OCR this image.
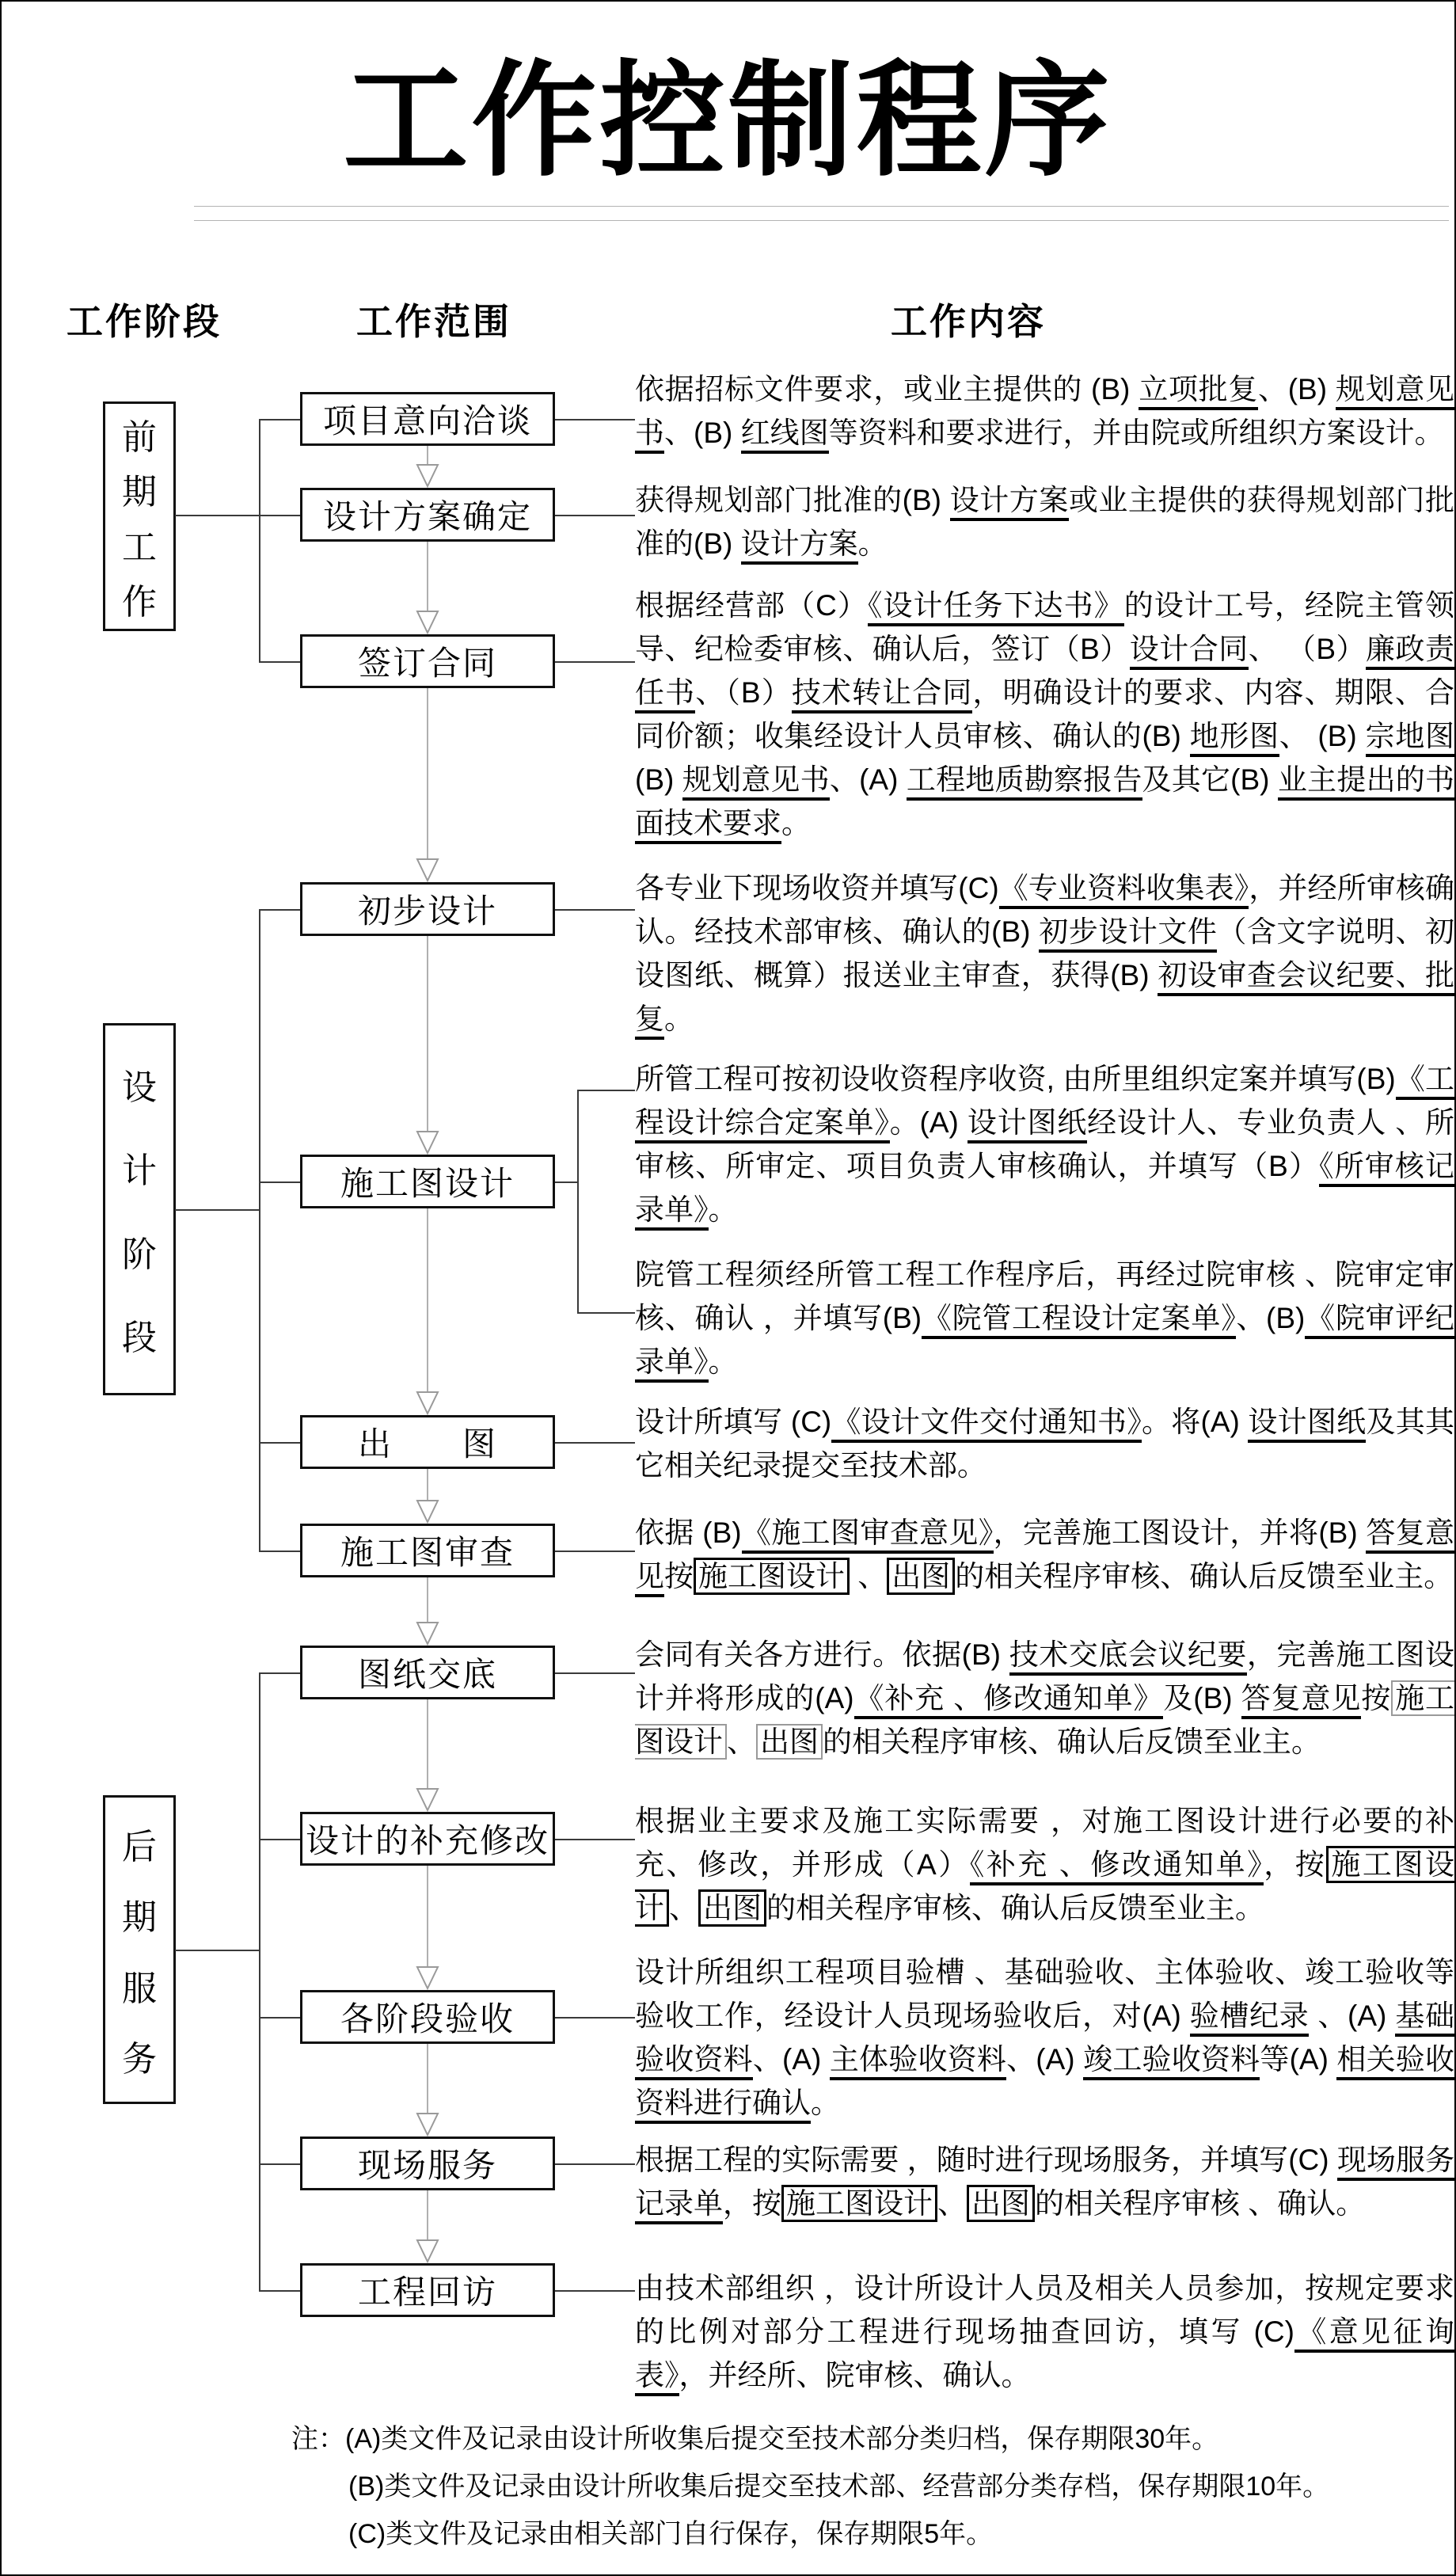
工作控制程序
工作阶段	工作范围	工作内容
前
期
工
作
设
计
阶
段
后
期
服
务
项目意向洽谈
设计方案确定
签订合同
初步设计
施工图设计
出　　图
施工图审查
图纸交底
设计的补充修改
各阶段验收
现场服务
工程回访
依据招标文件要求，或业主提供的 (B) 立项批复、(B) 规划意见书、(B) 红线图等资料和要求进行，并由院或所组织方案设计。
获得规划部门批准的(B) 设计方案或业主提供的获得规划部门批准的(B) 设计方案。
根据经营部（C）《设计任务下达书》的设计工号，经院主管领导、纪检委审核、确认后，签订（B）设计合同、 （B）廉政责任书、（B）技术转让合同，明确设计的要求、内容、期限、合同价额；收集经设计人员审核、确认的(B) 地形图、 (B) 宗地图 (B) 规划意见书、(A) 工程地质勘察报告及其它(B) 业主提出的书面技术要求。
各专业下现场收资并填写(C)《专业资料收集表》，并经所审核确认。经技术部审核、确认的(B) 初步设计文件（含文字说明、初设图纸、概算）报送业主审查，获得(B) 初设审查会议纪要、批复。
所管工程可按初设收资程序收资, 由所里组织定案并填写(B)《工程设计综合定案单》。(A) 设计图纸经设计人、专业负责人 、所审核、所审定、项目负责人审核确认，并填写（B）《所审核记录单》。
院管工程须经所管工程工作程序后，再经过院审核 、院审定审核、确认 ，并填写(B)《院管工程设计定案单》、(B)《院审评纪录单》。
设计所填写 (C)《设计文件交付通知书》。将(A) 设计图纸及其其它相关纪录提交至技术部。
依据 (B)《施工图审查意见》，完善施工图设计，并将(B) 答复意见按 施工图设计 、 出图 的相关程序审核、确认后反馈至业主。
会同有关各方进行。依据(B) 技术交底会议纪要，完善施工图设计并将形成的(A)《补充 、修改通知单》及(B) 答复意见按 施工图设计 、 出图 的相关程序审核、确认后反馈至业主。
根据业主要求及施工实际需要 ，对施工图设计进行必要的补充、修改，并形成（A）《补充 、修改通知单》，按 施工图设计 、 出图 的相关程序审核、确认后反馈至业主。
设计所组织工程项目验槽 、基础验收、主体验收、竣工验收等验收工作，经设计人员现场验收后，对(A) 验槽纪录 、(A) 基础验收资料、(A) 主体验收资料、(A) 竣工验收资料等(A) 相关验收资料进行确认。
根据工程的实际需要 ，随时进行现场服务，并填写(C) 现场服务记录单，按 施工图设计 、 出图 的相关程序审核 、确认。
由技术部组织 ，设计所设计人员及相关人员参加，按规定要求的比例对部分工程进行现场抽查回访，填写 (C)《意见征询表》，并经所、院审核、确认。
注：(A)类文件及记录由设计所收集后提交至技术部分类归档，保存期限30年。
(B)类文件及记录由设计所收集后提交至技术部、经营部分类存档，保存期限10年。
(C)类文件及记录由相关部门自行保存，保存期限5年。
